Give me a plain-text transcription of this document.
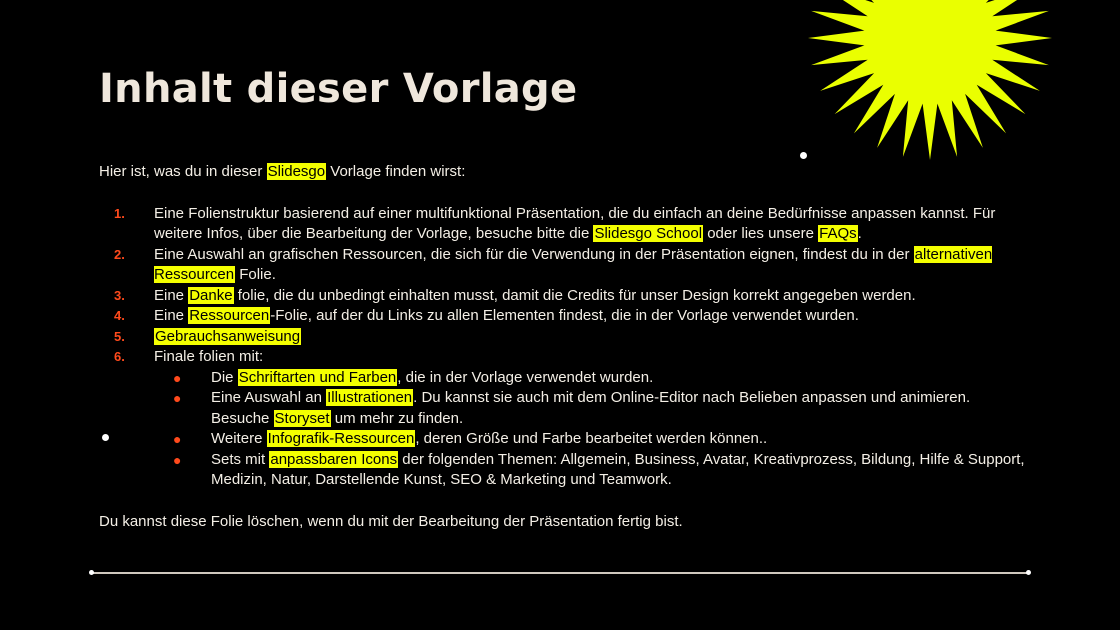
Inhalt dieser Vorlage

Hier ist, was du in dieser Slidesgo Vorlage finden wirst:

1. Eine Folienstruktur basierend auf einer multifunktional Präsentation, die du einfach an deine Bedürfnisse anpassen kannst. Für weitere Infos, über die Bearbeitung der Vorlage, besuche bitte die Slidesgo School oder lies unsere FAQs.
2. Eine Auswahl an grafischen Ressourcen, die sich für die Verwendung in der Präsentation eignen, findest du in der alternativen Ressourcen Folie.
3. Eine Danke folie, die du unbedingt einhalten musst, damit die Credits für unser Design korrekt angegeben werden.
4. Eine Ressourcen-Folie, auf der du Links zu allen Elementen findest, die in der Vorlage verwendet wurden.
5. Gebrauchsanweisung
6. Finale folien mit:
● Die Schriftarten und Farben, die in der Vorlage verwendet wurden.
● Eine Auswahl an Illustrationen. Du kannst sie auch mit dem Online-Editor nach Belieben anpassen und animieren. Besuche Storyset um mehr zu finden.
● Weitere Infografik-Ressourcen, deren Größe und Farbe bearbeitet werden können..
● Sets mit anpassbaren Icons der folgenden Themen: Allgemein, Business, Avatar, Kreativprozess, Bildung, Hilfe & Support, Medizin, Natur, Darstellende Kunst, SEO & Marketing und Teamwork.

Du kannst diese Folie löschen, wenn du mit der Bearbeitung der Präsentation fertig bist.
